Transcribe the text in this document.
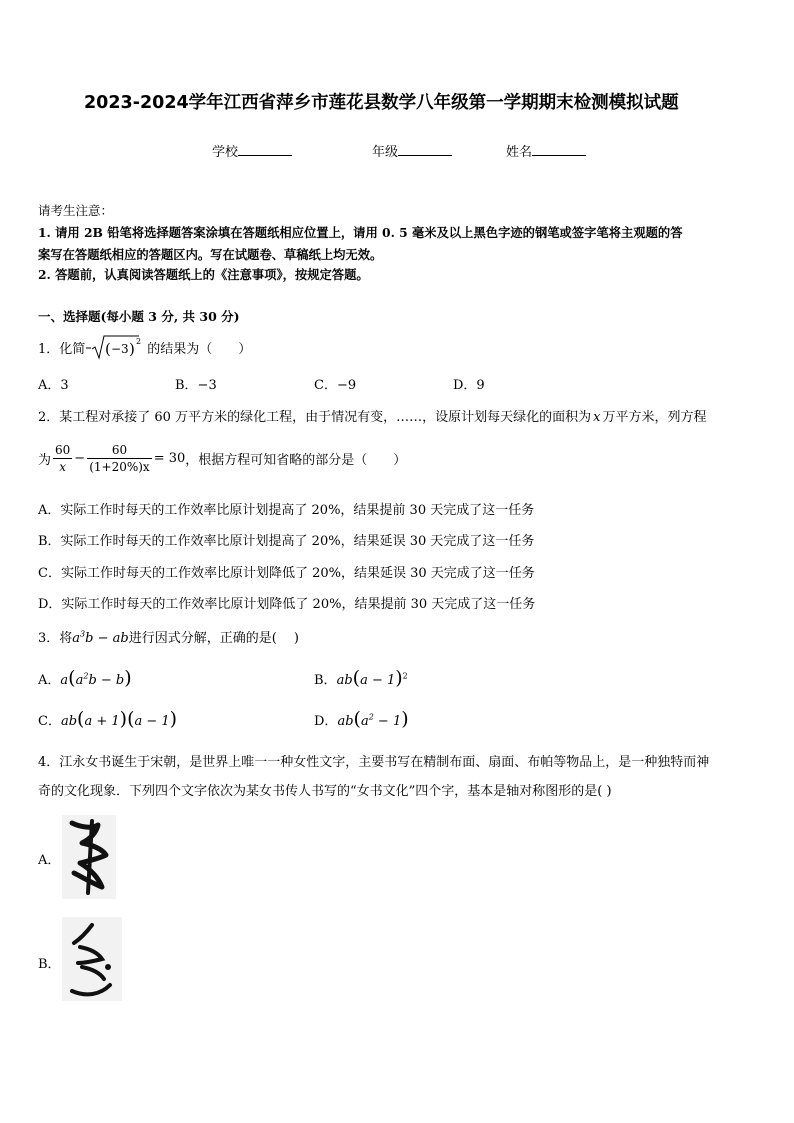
2023-2024学年江西省萍乡市莲花县数学八年级第一学期期末检测模拟试题
学校	年级	姓名
请考生注意：
1. 请用 2B 铅笔将选择题答案涂填在答题纸相应位置上，请用 0. 5 毫米及以上黑色字迹的钢笔或签字笔将主观题的答
案写在答题纸相应的答题区内。写在试题卷、草稿纸上均无效。
2. 答题前，认真阅读答题纸上的《注意事项》，按规定答题。
一、选择题(每小题 3 分, 共 30 分)
1．化简 ( −3 ) 2 的结果为（　　）
A．3	B．−3	C．−9	D．9
2．某工程对承接了 60 万平方米的绿化工程，由于情况有变，……，设原计划每天绿化的面积为 x 万平方米，列方程
为 $\frac{60}{x} - \frac{60}{(1+20\%)x} = 30$ ，根据方程可知省略的部分是（　　）
A．实际工作时每天的工作效率比原计划提高了 20%，结果提前 30 天完成了这一任务
B．实际工作时每天的工作效率比原计划提高了 20%，结果延误 30 天完成了这一任务
C．实际工作时每天的工作效率比原计划降低了 20%，结果延误 30 天完成了这一任务
D．实际工作时每天的工作效率比原计划降低了 20%，结果提前 30 天完成了这一任务
3．将$a^3b$ − ab进行因式分解，正确的是(　 )
A．$a(a^2b - b)$	B．$ab(a - 1)^2$
C．ab(a + 1)(a − 1)	D．$ab(a^2 - 1)$
4．江永女书诞生于宋朝，是世界上唯一一种女性文字，主要书写在精制布面、扇面、布帕等物品上，是一种独特而神
奇的文化现象．下列四个文字依次为某女书传人书写的“女书文化”四个字，基本是轴对称图形的是( )
A．
B．
